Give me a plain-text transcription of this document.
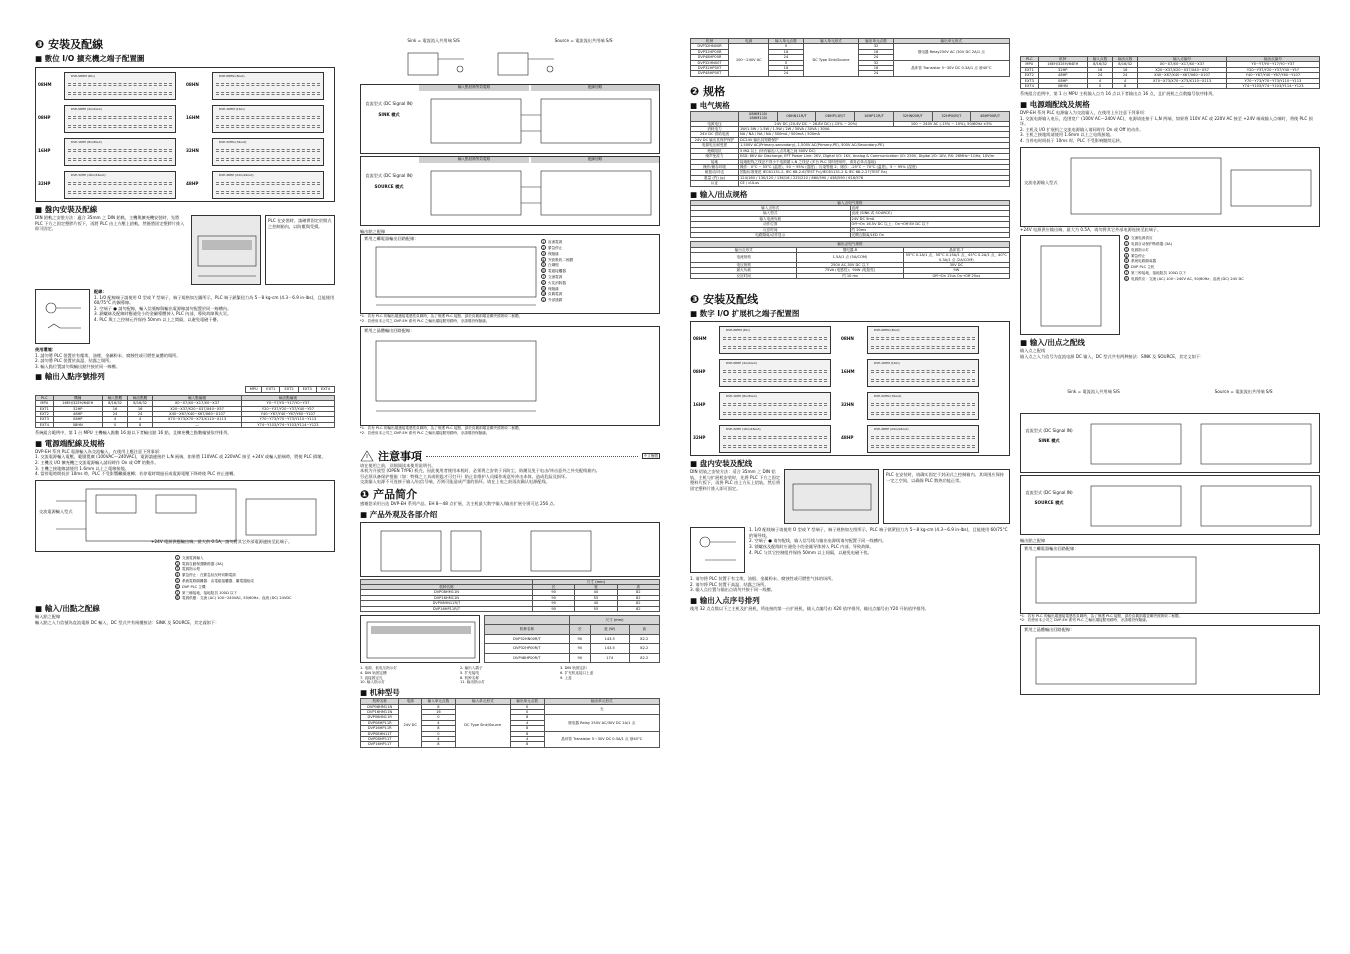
❸ 安裝及配線
■ 數位 I/O 擴充機之端子配置圖
08HM
DVP-08HM (8in)
08HN
DVP-08HN (8out)
08HP
DVP-08HP (4in/4out)
16HM
DVP-16HM (16in)
16HP
DVP-16HP (8in/8out)
32HN
DVP-32HN (32out)
32HP
DVP-32HP (16in/16out)
48HP
DVP-48HP (24in/24out)
■ 盤內安裝及配線
DIN 鋁軌之安裝方法：適合 35mm 之 DIN 鋁軌，主機與擴充機安裝時，先將 PLC 下方之固定塑膠片扳下，再將 PLC 由上方壓上鋁軌，然後將固定塑膠片推入即可固定。
PLC 在安裝時，請確實固定於開式之控制箱內，以防塵與受損。
配線：
1. 1/0 配線端子請使用 O 型或 Y 型端子，端子規格如左圖所示，PLC 端子鎖緊扭力為 5－8 kg-cm (4.3－6.9 in-lbs)，且能使用 60/75°C 的銅導線。
2. 空端子 ● 請勿配線，輸入信號線與輸出電源線請勿配置於同一線槽內。
3. 鎖螺絲及配線時應避免小的金屬導體掉入 PLC 內部，導致故障與火災。
4. PLC 與工之控制元件保持 50mm 以上之間隔，以避免電磁干擾。
使用環境：
1. 請勿將 PLC 裝置於有塵埃、油煙、金屬粉末、腐蝕性或可燃性氣體的場所。
2. 請勿將 PLC 裝置於高溫、結露之場所。
3. 輸入點位置請勿與輸出點共接於同一線槽。
■ 輸出入點序號排列
MPU	EXT1	EXT2	EXT3	EXT4
PLC	機種	輸入點數	輸出點數	輸入點編號	輸出點編號
MPU	16EH/32EH/64EH	8/16/32	8/16/32	X0~X7/X0~X17/X0~X37	Y0~Y7/Y0~Y17/Y0~Y37
EXT1	32HP	16	16	X20~X37/X20~X37/X40~X57	Y20~Y37/Y20~Y37/Y40~Y57
EXT2	48HP	24	24	X40~X67/X40~X67/X60~X107	Y40~Y67/Y40~Y67/Y60~Y107
EXT3	08HP	4	4	X70~X73/X70~X73/X110~X113	Y70~Y73/Y70~Y73/Y110~Y113
EXT4	08HN	0	8	—	Y74~Y103/Y74~Y103/Y114~Y123
系統組合範例中，第 1 台 MPU 主機輸入點數 16 點以下者輸出點 16 點，且擴充機之點數編號依序排列。
■ 電源端配線及規格
DVP-EH 系列 PLC 電源輸入為交流輸入，在使用上應注意下列事項：
1. 交流電源輸入電壓，範圍寬廣 (100VAC～240VAC)，電源請連接於 L,N 兩端，如果將 110VAC 或 220VAC 接至 +24V 或輸入點端時，將使 PLC 損壞。
2. 主機及 I/O 擴充機之交流電源輸入請同時作 On 或 Off 的動作。
3. 主機之接地線請使用 1.6mm 以上之電線接地。
4. 當停電時間低於 10ms 時，PLC 不受影響繼續運轉；若停電時間過長或電源電壓下降時使 PLC 停止運轉。
交流電源輸入型式
+24V 電源供應輸出端，最大供 0.5A，請勿將其它外部電源連接至此端子。
1 交流電源輸入
2 電源自動保護斷路器 (3A)
3 電源指示燈
4 緊急停止：在緊急狀況時切斷電源
5 系統電路隔離器：由電磁接觸器、繼電器組成
6 DVP PLC 主機
7 第三種接地，接地阻抗 100Ω 以下
8 電源供應：交流 (AC) 100~240VAC, 50/60Hz；直流 (DC) 24VDC
■ 輸入/出點之配線
輸入點之配線
輸入點之入力信號為直流電源 DC 輸入，DC 型式共有兩種接法：SINK 及 SOURCE，其定義如下：
Sink = 電流流入共用端 S/S	Source = 電流流出共用端 S/S
直流型式 (DC Signal IN)
SINK 模式
輸入點回路等效電路	配線回路
直流型式 (DC Signal IN)
SOURCE 模式
輸入點回路等效電路	配線回路
輸出點之配線
實用之繼電器輸出回路配線：
1 直流電源
2 緊急停止
3 保險絲
4 突波吸收二極體
5 白熾燈
6 電磁接觸器
7 交流電源
8 火花消除器
9 保險絲
10 負載電源
11 外部連鎖
*1：若有 PLC 的輸出端連接電感性負載時，為了保護 PLC 接點，請於負載兩端並聯突波吸收二極體。
*2：若使用本公司之 DVP-EH 系列 PLC 之輸出端接點短路時，亦請增設保險絲。
實用之晶體輸出回路配線：
*1：若有 PLC 的輸出端連接電感性負載時，為了保護 PLC 接點，請於負載兩端並聯突波吸收二極體。
*2：若使用本公司之 DVP-EH 系列 PLC 之輸出端接點短路時，亦請增設保險絲。
注意事項	中文簡體
请在使用之前，详细阅读本使用说明书。
本机为开放型 (OPEN TYPE) 机壳，因此使用者使用本机时，必须将之安装于具防尘、防潮及免于电击/冲击意外之外壳配线箱内。
另必须具备保护措施（如：特殊之工具或钥匙才可打开）防止非维护人员操作或意外冲击本体，造成危险及损坏。
交流输入电源不可连接于输入/出信号端，否则可能造成严重的损坏。请在上电之前再次确认电源配线。
❶ 产品简介
感谢您采用台达 DVP-EH 系列产品。EH 8～48 点扩展，含主机最大数字输入/输出扩展分别可达 256 点。
■ 产品外观及各部介绍
	尺寸 (mm)		
机种名称	长	宽	高
DVP08HM11N	90	40	82
DVP16HM11N	90	55	82
DVP08HN11R/T	90	40	82
DVP16HP11R/T	90	55	82
	尺寸 (mm)		
机种名称	长	宽 (W)	高
DVP32HN00R/T	90	143.5	82.2
DVP32HP00R/T	90	143.5	82.2
DVP48HP00R/T	90	174	82.2
1. 电源、低电压指示灯	2. 输出入端子	3. DIN 轨固定扣
4. DIN 轨固定槽	5. 扩充接线	6. 扩充机连接口上盖
7. 直接固定孔	8. 机种名称	9. 上盖
10. 输入指示灯	11. 输出指示灯
■ 机种型号
机种名称	电源	输入单元点数	输入单元形式	输出单元点数	输出单元形式
DVP08HM11N	24V DC	8	DC Type Sink/Source	0	无
DVP16HM11N		16		0	
DVP08HN11R		0		8	继电器 Relay 250V AC/30V DC 2A/1 点
DVP08HP11R		4		4	
DVP16HP11R		8		8	
DVP08HN11T		0		8	晶体管 Transistor 5～30V DC 0.3A/1 点 @40°C
DVP08HP11T		4		4	
DVP16HP11T		8		8	
机种	电源	输入单元点数	输入单元形式	输出单元点数	输出单元形式
DVP32HN00R	100～240V AC	0	DC Type Sink/Source	32	继电器 Relay250V AC /30V DC 2A/1 点
DVP32HP00R		16		16	
DVP48HP00R		24		24	
DVP32HN00T		0		32	晶体管 Transistor 5~30V DC 0.3A/1 点 @40°C
DVP32HP00T		16		16	
DVP48HP00T		24		24	
❷ 规格
■ 电气规格
	08HM11N 16HM11N	08HN11R/T	08HP11R/T	16HP11R/T	32HN00R/T	32HP00R/T	48HP00R/T
电源电压	24V DC (20.4V DC ~ 28.8V DC) (-15% ~ 20%)				100 ~ 240V AC (-15% ~ 10%), 50/60Hz ±5%		
消耗电力	1W/1.5W / 1.5W / 1.5W / 2W / 30VA / 30VA / 30VA						
24V DC 供给电流	NA / NA / NA / NA / 500mA / 500mA / 500mA						
24V DC 输出其保护保护	DC24V 输出其短路保护						
电源电压耐受度	1,500V AC(Primary-secondary), 1,500V AC(Primary-PE), 500V AC(Secondary-PE)						
绝缘阻抗	5 MΩ 以上 (所有输出/入点对地之间 500V DC)						
噪声免疫力	ESD: 8KV Air Discharge, EFT Power Line: 2KV, Digital I/O: 1KV, Analog & Communication I/O: 250V, Digital I/O: 1KV, RS: 26MHz~1GHz, 10V/m						
接地	接地配线之线径不得小于电源端 L,N 之线径 (多台 PLC 同时使用时，请务必单点接地)						
操作/储存环境	操作：0°C ~ 55°C (温度)，50 ~ 95% (湿度)；污染等级 2；储存：-25°C ~ 70°C (温度)，5 ~ 95% (湿度)						
耐振动/冲击	国际标准规范 IEC61131-2, IEC 68-2-6(TEST Fc)/IEC61131-2 & IEC 68-2-27(TEST Ea)						
重量 (约) (g)	124/160 / 130/120 / 136/16 / 225/210 / 660/590 / 438/590 / 616/576						
认证	CE / cULus						
■ 输入/出点规格
输入点电气规格	
输入点形式	直流
输入型式	直流 (SINK 或 SOURCE)
输入电流负载	24V DC 5mA
动作位准	Off→On 16.5V DC 以上；On→Off 8V DC 以下
反应时间	约 20ms
电路隔离/动作显示	光耦合隔离/LED On
输出点电气规格		
输出点形式	继电器-R	晶体管-T
电流规格	1.5A/1 点 (5A/COM)	55°C 0.1A/1 点，50°C 0.15A/1 点，45°C 0.2A/1 点，40°C 0.3A/1 点 (2A/COM)
电压规格	250V AC,30V DC 以下	30V DC
最大负载	75VA (电感性)；90W (电阻性)	9W
反应时间	约 10 ms	Off→On 15us On→Off 25us
❸ 安装及配线
■ 数字 I/O 扩展机之端子配置图
08HM
DVP-08HM (8in)
08HN
DVP-08HN (8out)
08HP
DVP-08HP (4in/4out)
16HM
DVP-16HM (16in)
16HP
DVP-16HP (8in/8out)
32HN
DVP-32HN (32out)
32HP
DVP-32HP (16in/16out)
48HP
DVP-48HP (24in/24out)
■ 盘内安装及配线
DIN 铝轨之安装方法：适合 35mm 之 DIN 铝轨，主机与扩展机安装时，先将 PLC 下方之固定塑料片扳下，再将 PLC 由上方压上铝轨，然后将固定塑料片推入即可固定。
PLC 在安装时，请确实固定于封闭式之控制箱内。其周围应保持一定之空间，以确保 PLC 散热功能正常。
1. 1/0 配线端子请使用 O 型或 Y 型端子，端子规格如左图所示，PLC 端子锁紧扭力为 5～8 kg-cm (4.3～6.9 in-lbs)，且能使用 60/75°C 的铜导线。
2. 空端子 ● 请勿配线，输入信号线与输出电源线请勿配置于同一线槽内。
3. 锁螺丝及配线时应避免小的金属导体掉入 PLC 内部，导致故障。
4. PLC 与其它控制组件保持 50mm 以上间隔，以避免电磁干扰。
1. 请勿将 PLC 装置于有尘埃、油烟、金属粉末、腐蚀性或可燃性气体的场所。
2. 请勿将 PLC 装置于高温、结露之场所。
3. 输入点位置与输出点请勿共接于同一线槽。
■ 输出入点序号排列
使用 32 点点数以下之主机及扩展机，所连接的第一台扩展机，输入点编号由 X20 依序排列，输出点编号由 Y20 开始依序排列。
PLC	机种	输入点数	输出点数	输入点编号	输出点编号
MPU	16EH/32EH/64EH	8/16/32	8/16/32	X0~X7/X0~X17/X0~X37	Y0~Y7/Y0~Y17/Y0~Y37
EXT1	32HP	16	16	X20~X37/X20~X37/X40~X57	Y20~Y37/Y20~Y37/Y40~Y57
EXT2	48HP	24	24	X40~X67/X40~X67/X60~X107	Y40~Y67/Y40~Y67/Y60~Y107
EXT3	08HP	4	4	X70~X73/X70~X73/X110~X113	Y70~Y73/Y70~Y73/Y110~Y113
EXT4	08HN	0	8	—	Y74~Y103/Y74~Y103/Y114~Y123
系统组合范例中，第 1 台 MPU 主机输入点为 16 点以下者输出点 16 点，且扩展机之点数编号依序排列。
■ 电源端配线及规格
DVP-EH 系列 PLC 电源输入为交流输入，在使用上应注意下列事项：
1. 交流电源输入电压，范围宽广 (100V AC～240V AC)，电源请连接于 L,N 两端，如果将 110V AC 或 220V AC 接至 +24V 端或输入点端时，将使 PLC 损坏。
2. 主机及 I/O 扩展机之交流电源输入请同时作 On 或 Off 的动作。
3. 主机之接地线请使用 1.6mm 以上之电线接地。
4. 当停电时间低于 10ms 时，PLC 不受影响继续运转。
交流电源输入型式
+24V 电源供应输出端，最大为 0.5A，请勿将其它外部电源连接至此端子。
1 交流电源供应
2 电源自动保护断路器 (3A)
3 电源指示灯
4 紧急停止
5 系统电路隔离器
6 DVP PLC 主机
7 第三种接地，接地阻抗 100Ω 以下
8 电源供应：交流 (AC) 100～240V AC, 50/60Hz；直流 (DC) 24V DC
■ 输入/出点之配线
输入点之配线
输入点之入力信号为直流电源 DC 输入，DC 型式共有两种接法：SINK 及 SOURCE，其定义如下：
Sink = 電流流入共用端 S/S	Source = 電流流出共用端 S/S
直流型式 (DC Signal IN)
SINK 模式
直流型式 (DC Signal IN)
SOURCE 模式
輸出點之配線
實用之繼電器輸出回路配線：
*1：若有 PLC 的輸出端連接電感性負載時，為了保護 PLC 接點，請於負載兩端並聯突波吸收二極體。
*2：若使用本公司之 DVP-EH 系列 PLC 之輸出端接點短路時，亦請增設保險絲。
實用之晶體輸出回路配線：
